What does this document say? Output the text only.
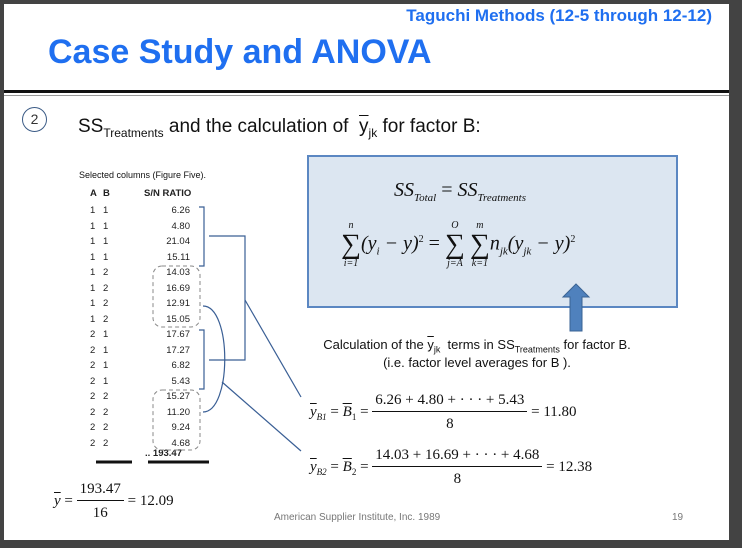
Taguchi Methods (12-5 through 12-12)
Case Study and ANOVA
2	$SS_{Treatments}$ and the calculation of  $\overline{y}_{jk}$ for factor B:
Selected columns (Figure Five).
A B	S/N RATIO
1 1	6.26
1 1	4.80
1 1	21.04
1 1	15.11
1 2	14.03
1 2	16.69
1 2	12.91
1 2	15.05
2 1	17.67
2 1	17.27
2 1	6.82
2 1	5.43
2 2	15.27
2 2	11.20
2 2	9.24
2 2	4.68
.. 193.47
$\overline{y} = \frac{193.47}{16} = 12.09$
$SS_{Total} = SS_{Treatments}$
n
∑
i=1
$(y_i - y)^2$ =
O
∑
j=A

m
∑
k=1
$n_{jk}(y_{jk} - y)^2$
Calculation of the $\overline{y}_{jk}$  terms in $SS_{Treatments}$ for factor B.
(i.e. factor level averages for B ).
$\overline{y}_{B1} = \overline{B}_1 = \frac{6.26 + 4.80 + \cdot \cdot \cdot + 5.43}{8} = 11.80$
$\overline{y}_{B2} = \overline{B}_2 = \frac{14.03 + 16.69 + \cdot \cdot \cdot + 4.68}{8} = 12.38$
American Supplier Institute, Inc. 1989	19
